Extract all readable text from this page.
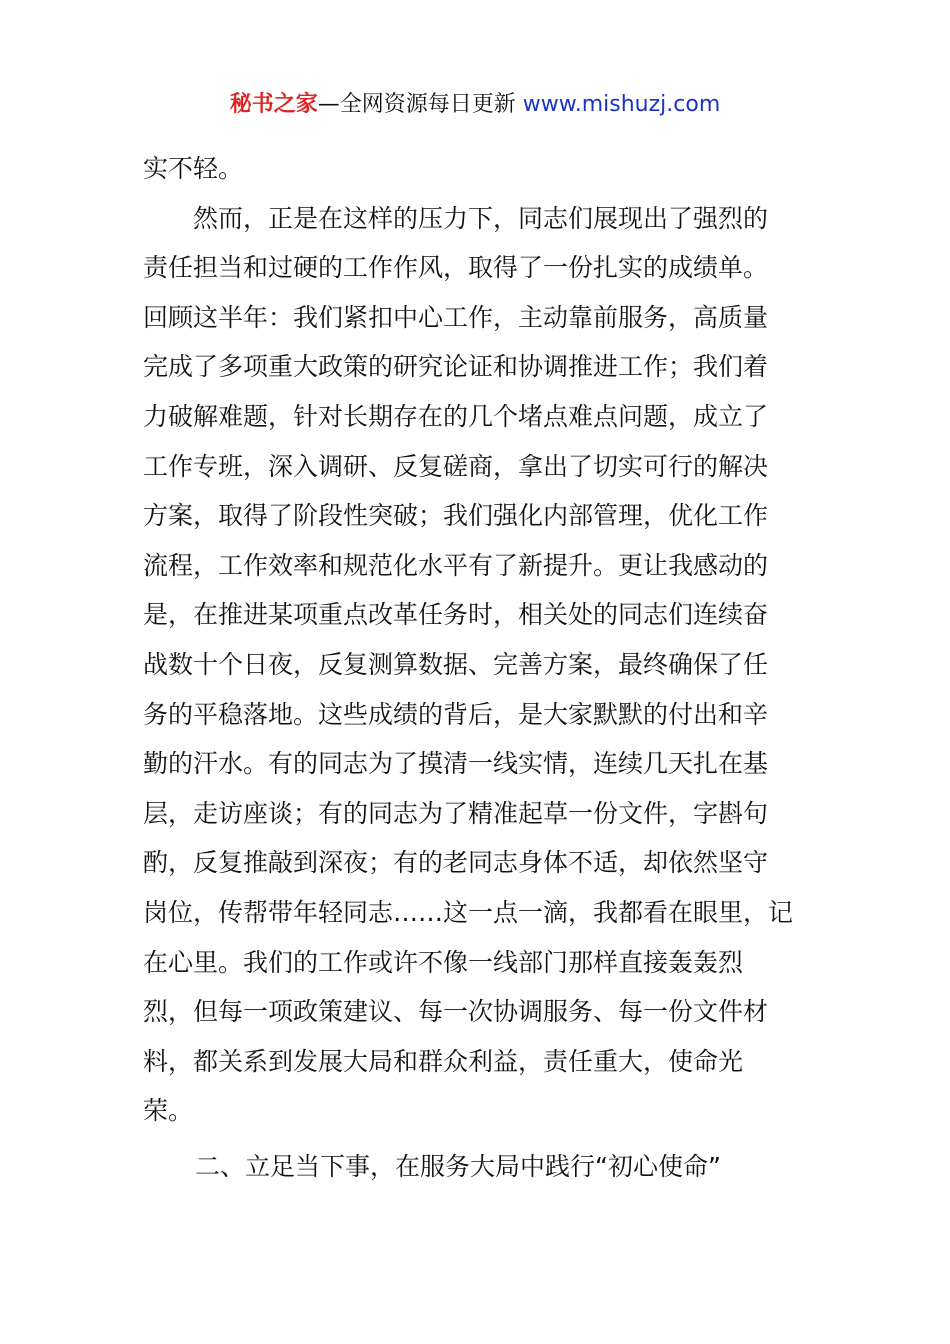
秘书之家—全网资源每日更新 www.mishuzj.com
实不轻。
然而，正是在这样的压力下，同志们展现出了强烈的
责任担当和过硬的工作作风，取得了一份扎实的成绩单。
回顾这半年：我们紧扣中心工作，主动靠前服务，高质量
完成了多项重大政策的研究论证和协调推进工作；我们着
力破解难题，针对长期存在的几个堵点难点问题，成立了
工作专班，深入调研、反复磋商，拿出了切实可行的解决
方案，取得了阶段性突破；我们强化内部管理，优化工作
流程，工作效率和规范化水平有了新提升。更让我感动的
是，在推进某项重点改革任务时，相关处的同志们连续奋
战数十个日夜，反复测算数据、完善方案，最终确保了任
务的平稳落地。这些成绩的背后，是大家默默的付出和辛
勤的汗水。有的同志为了摸清一线实情，连续几天扎在基
层，走访座谈；有的同志为了精准起草一份文件，字斟句
酌，反复推敲到深夜；有的老同志身体不适，却依然坚守
岗位，传帮带年轻同志……这一点一滴，我都看在眼里，记
在心里。我们的工作或许不像一线部门那样直接轰轰烈
烈，但每一项政策建议、每一次协调服务、每一份文件材
料，都关系到发展大局和群众利益，责任重大，使命光
荣。
二、立足当下事，在服务大局中践行“初心使命”
